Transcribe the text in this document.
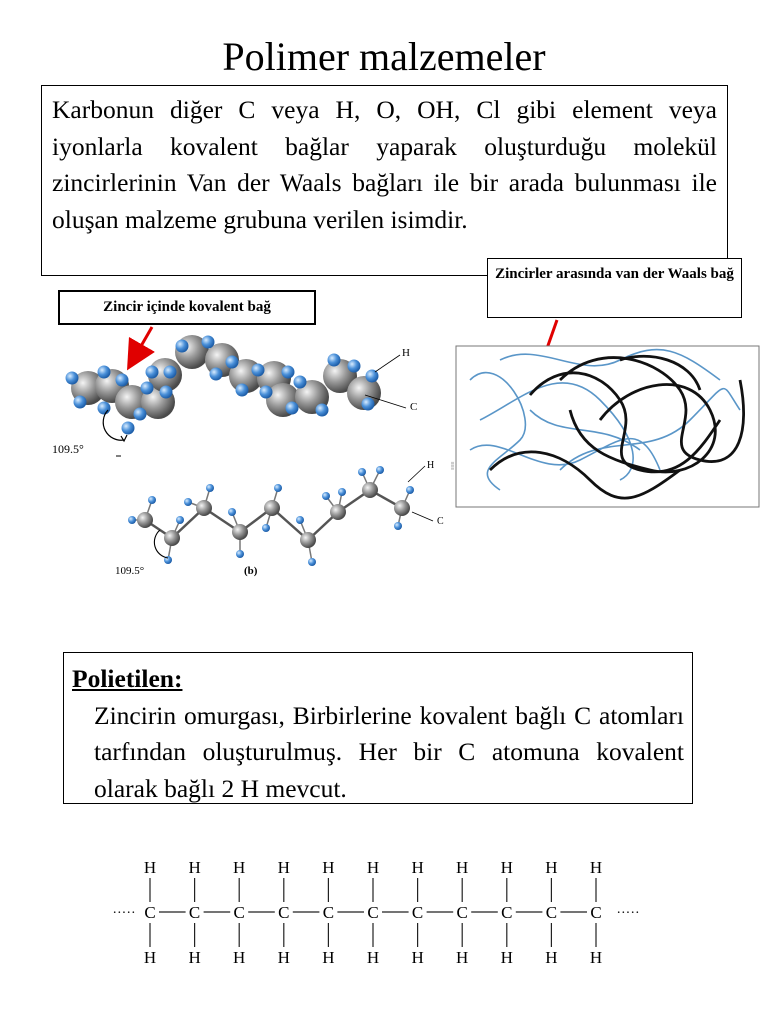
Polimer malzemeler
Karbonun diğer C veya H, O, OH, Cl gibi element veya iyonlarla kovalent bağlar yaparak oluşturduğu molekül zincirlerinin Van der Waals bağları ile bir arada bulunması ile oluşan malzeme grubuna verilen isimdir.
Zincir içinde kovalent bağ
Zincirler arasında van der Waals bağ
109.5°
H
C
109.5°	(b)
H
C
≡≡≡
Polietilen:
Zincirin omurgası, Birbirlerine kovalent bağlı C atomları tarfından oluşturulmuş. Her bir C atomuna kovalent olarak bağlı 2 H mevcut.
·····	·····
C
H
H
C
H
H
C
H
H
C
H
H
C
H
H
C
H
H
C
H
H
C
H
H
C
H
H
C
H
H
C
H
H
